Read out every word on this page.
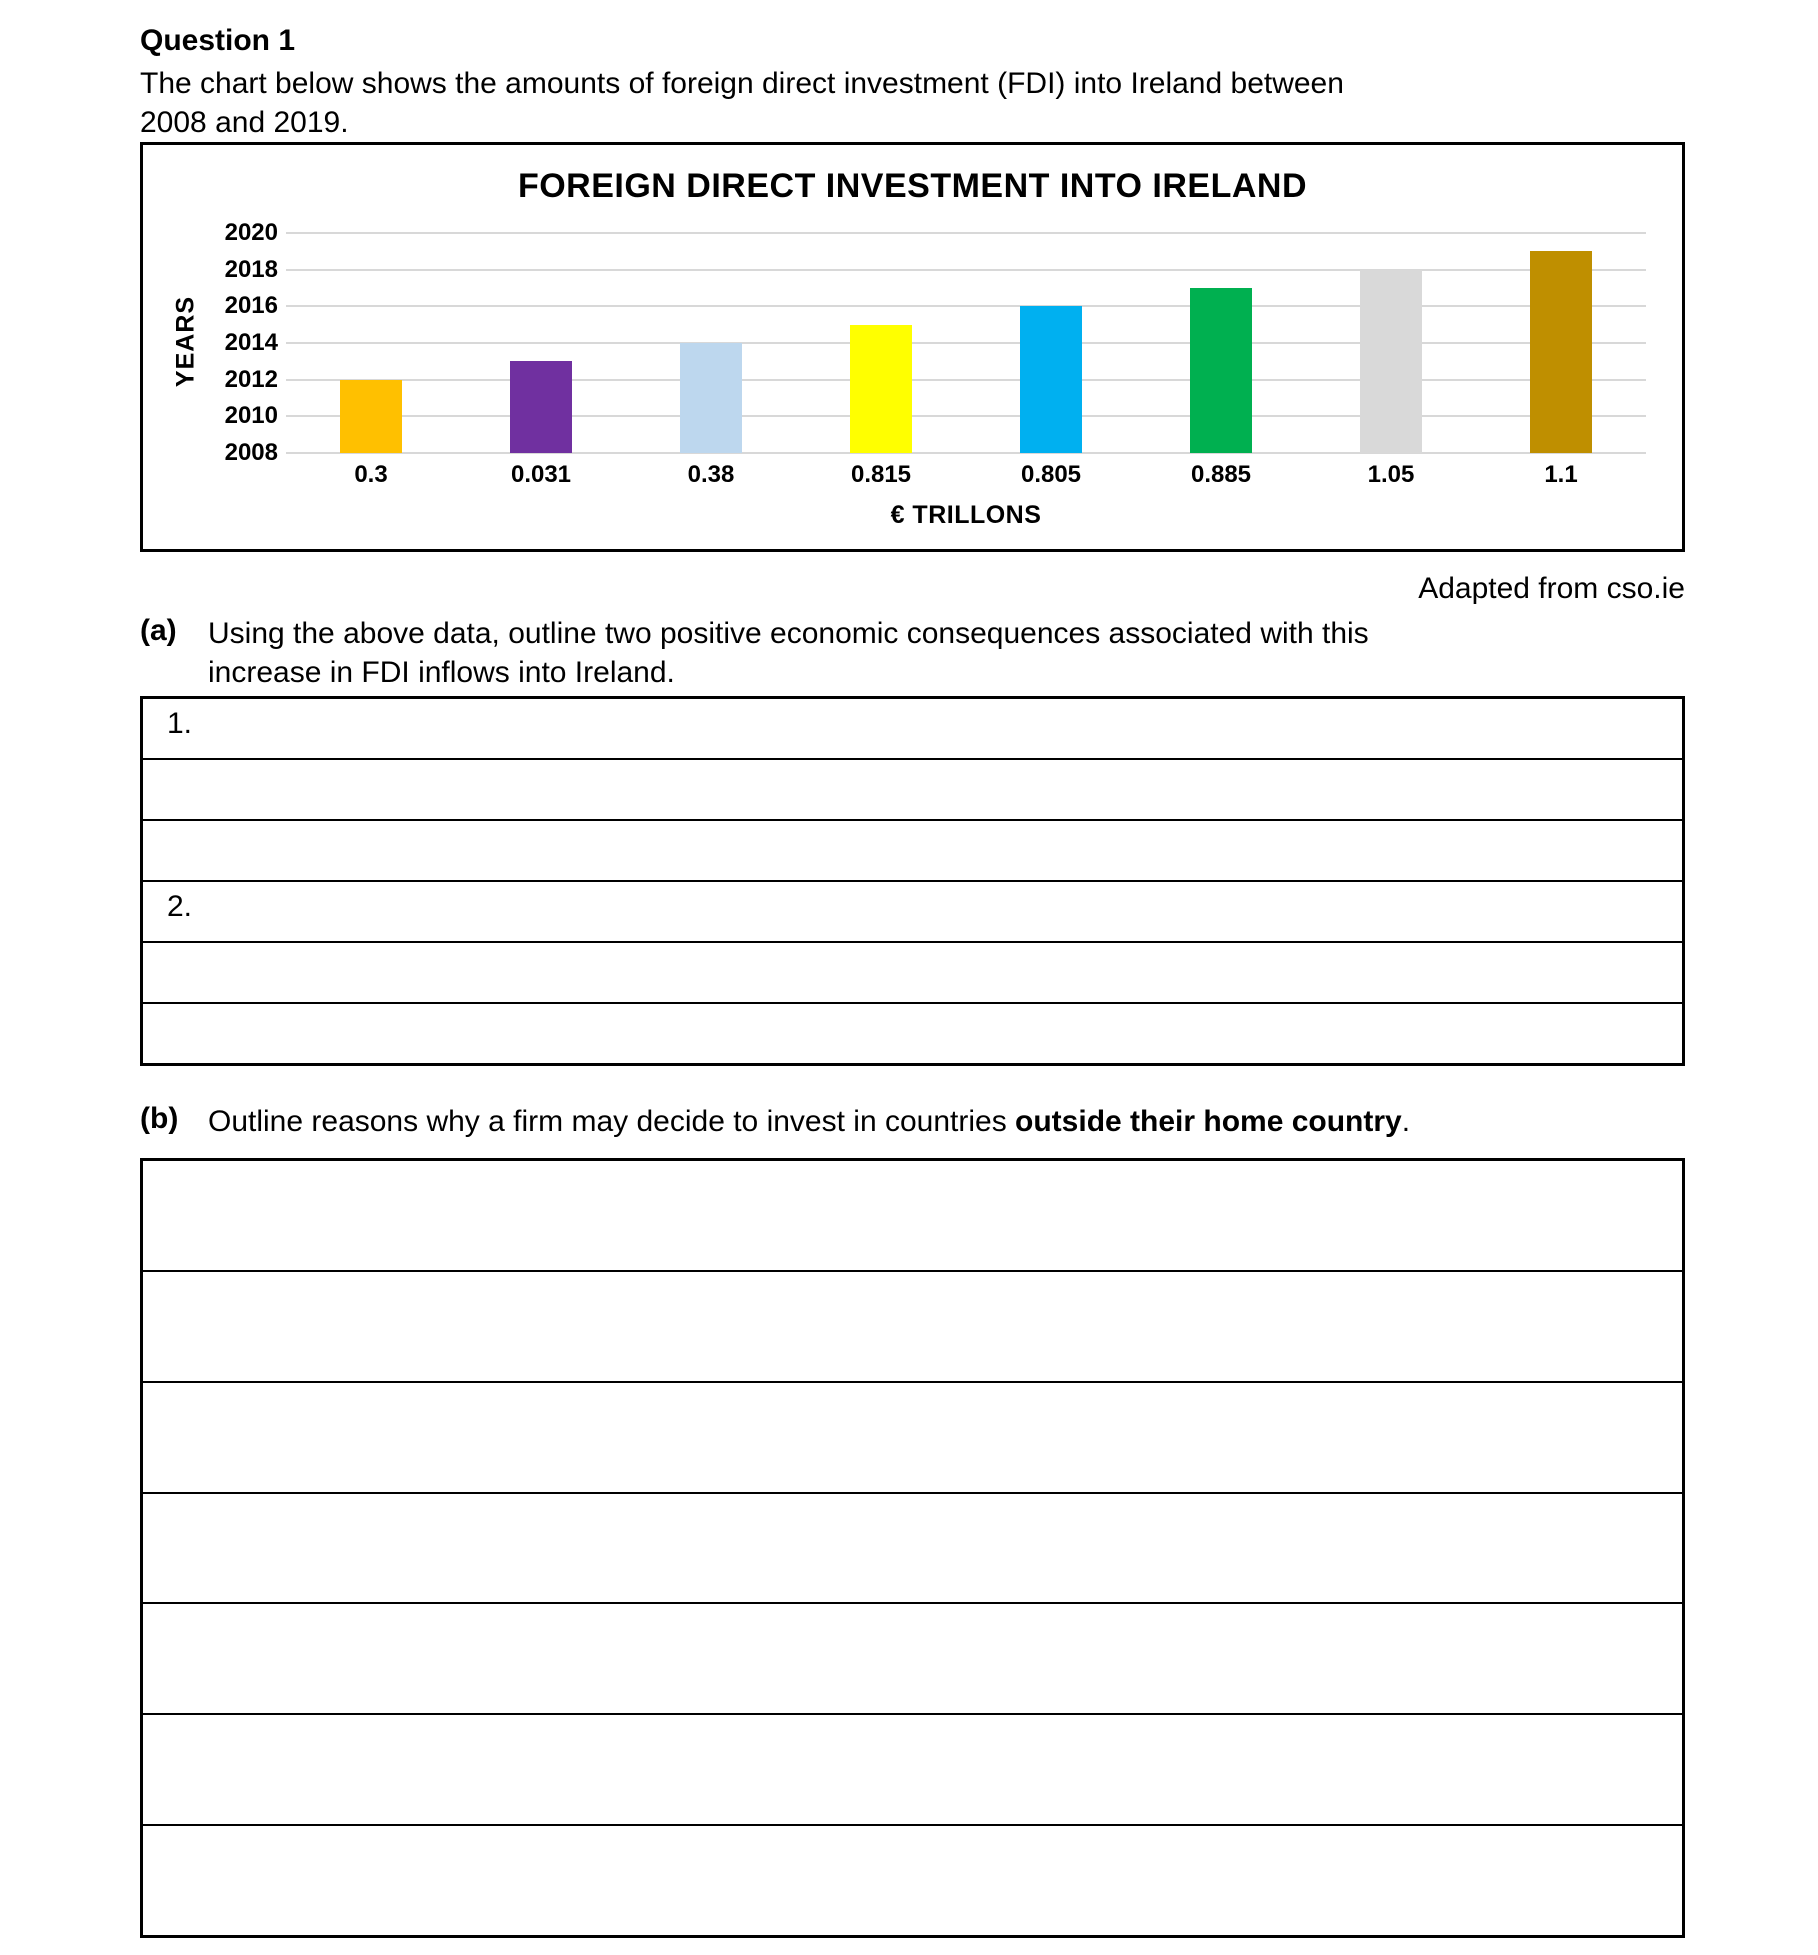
Question 1
The chart below shows the amounts of foreign direct investment (FDI) into Ireland between
2008 and 2019.
FOREIGN DIRECT INVESTMENT INTO IRELAND
YEARS
2008
2010
2012
2014
2016
2018
2020
0.3	0.031	0.38	0.815	0.805	0.885	1.05	1.1
€ TRILLONS
Adapted from cso.ie
(a) Using the above data, outline two positive economic consequences associated with this
increase in FDI inflows into Ireland.
1.
2.
(b) Outline reasons why a firm may decide to invest in countries outside their home country.
